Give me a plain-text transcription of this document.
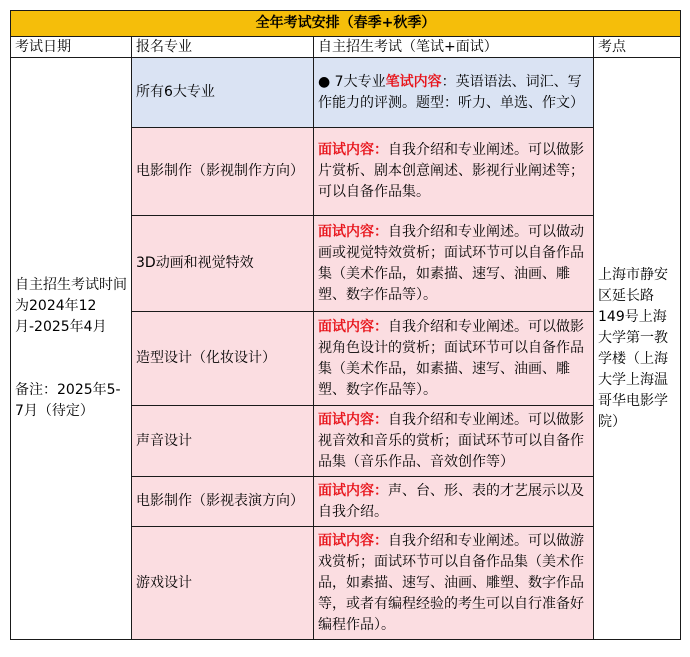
全年考试安排（春季+秋季）			
考试日期	报名专业	自主招生考试（笔试+面试）	考点

自主招生考试时间为2024年12月-2025年4月
备注：2025年5-7月（待定）	所有6大专业	● 7大专业笔试内容：英语语法、词汇、写作能力的评测。题型：听力、单选、作文）	上海市静安区延长路149号上海大学第一教学楼（上海大学上海温哥华电影学院）
	电影制作（影视制作方向）	面试内容：自我介绍和专业阐述。可以做影片赏析、剧本创意阐述、影视行业阐述等；可以自备作品集。	
	3D动画和视觉特效	面试内容：自我介绍和专业阐述。可以做动画或视觉特效赏析；面试环节可以自备作品集（美术作品，如素描、速写、油画、雕塑、数字作品等）。	
	造型设计（化妆设计）	面试内容：自我介绍和专业阐述。可以做影视角色设计的赏析；面试环节可以自备作品集（美术作品，如素描、速写、油画、雕塑、数字作品等）。	
	声音设计	面试内容：自我介绍和专业阐述。可以做影视音效和音乐的赏析；面试环节可以自备作品集（音乐作品、音效创作等）	
	电影制作（影视表演方向）	面试内容：声、台、形、表的才艺展示以及自我介绍。	
	游戏设计	面试内容：自我介绍和专业阐述。可以做游戏赏析；面试环节可以自备作品集（美术作品，如素描、速写、油画、雕塑、数字作品等，或者有编程经验的考生可以自行准备好编程作品）。	
